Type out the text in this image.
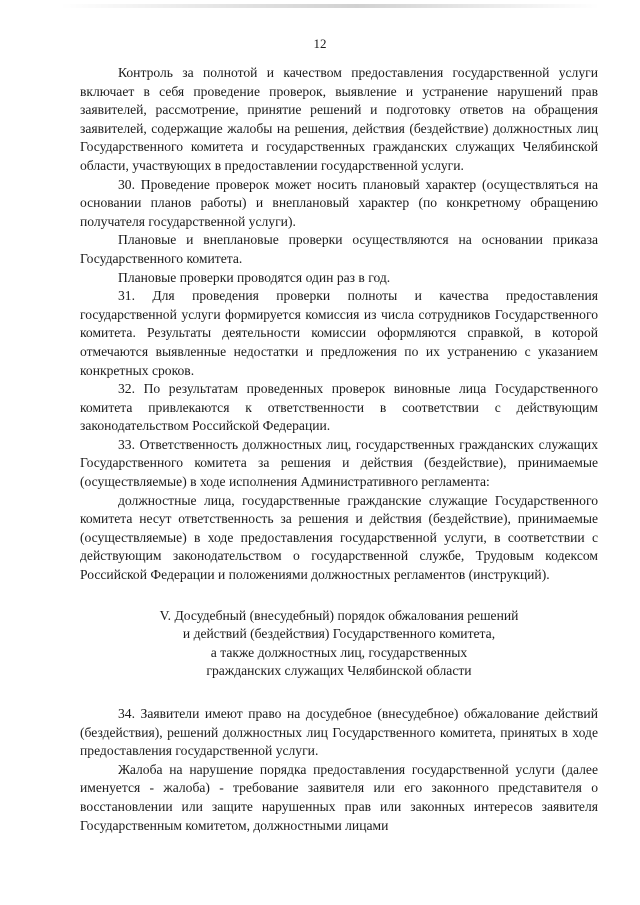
12

Контроль за полнотой и качеством предоставления государственной услуги включает в себя проведение проверок, выявление и устранение нарушений прав заявителей, рассмотрение, принятие решений и подготовку ответов на обращения заявителей, содержащие жалобы на решения, действия (бездействие) должностных лиц Государственного комитета и государственных гражданских служащих Челябинской области, участвующих в предоставлении государственной услуги.

30. Проведение проверок может носить плановый характер (осуществляться на основании планов работы) и внеплановый характер (по конкретному обращению получателя государственной услуги).

Плановые и внеплановые проверки осуществляются на основании приказа Государственного комитета.

Плановые проверки проводятся один раз в год.

31. Для проведения проверки полноты и качества предоставления государственной услуги формируется комиссия из числа сотрудников Государственного комитета. Результаты деятельности комиссии оформляются справкой, в которой отмечаются выявленные недостатки и предложения по их устранению с указанием конкретных сроков.

32. По результатам проведенных проверок виновные лица Государственного комитета привлекаются к ответственности в соответствии с действующим законодательством Российской Федерации.

33. Ответственность должностных лиц, государственных гражданских служащих Государственного комитета за решения и действия (бездействие), принимаемые (осуществляемые) в ходе исполнения Административного регламента:

должностные лица, государственные гражданские служащие Государственного комитета несут ответственность за решения и действия (бездействие), принимаемые (осуществляемые) в ходе предоставления государственной услуги, в соответствии с действующим законодательством о государственной службе, Трудовым кодексом Российской Федерации и положениями должностных регламентов (инструкций).

V. Досудебный (внесудебный) порядок обжалования решений
и действий (бездействия) Государственного комитета,
а также должностных лиц, государственных
гражданских служащих Челябинской области

34. Заявители имеют право на досудебное (внесудебное) обжалование действий (бездействия), решений должностных лиц Государственного комитета, принятых в ходе предоставления государственной услуги.

Жалоба на нарушение порядка предоставления государственной услуги (далее именуется - жалоба) - требование заявителя или его законного представителя о восстановлении или защите нарушенных прав или законных интересов заявителя Государственным комитетом, должностными лицами
